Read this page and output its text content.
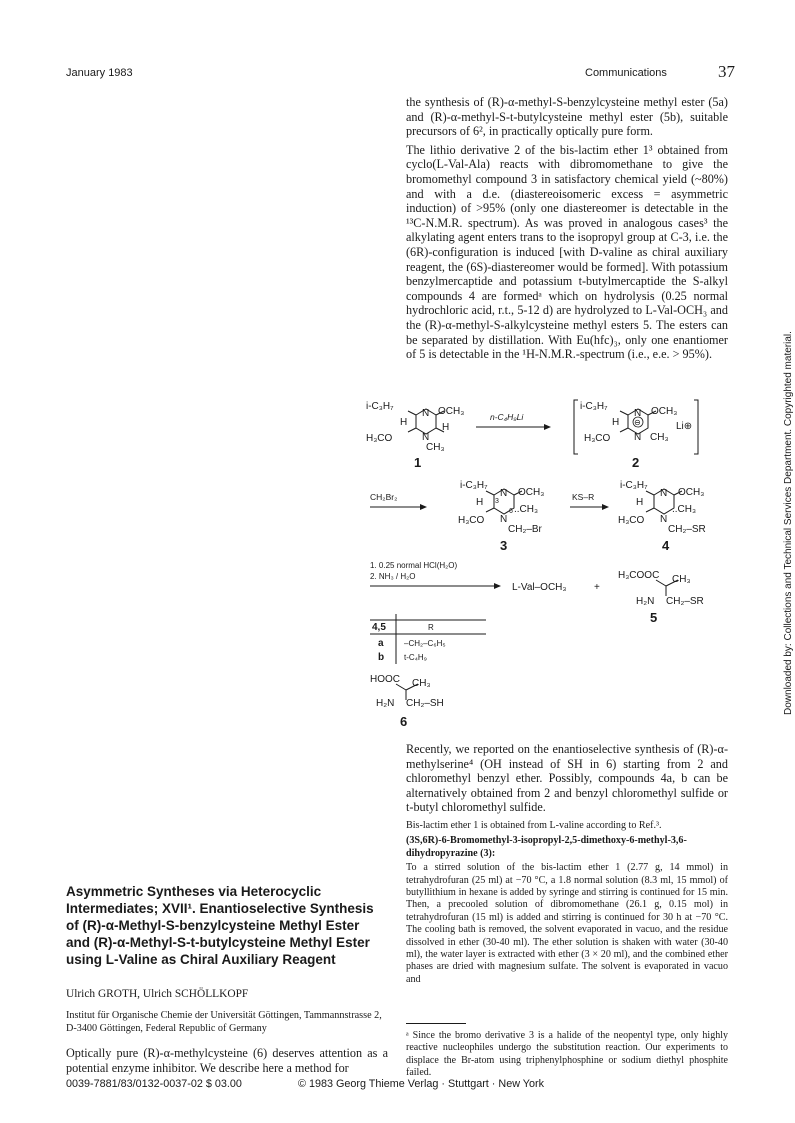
January 1983	Communications	37
Downloaded by: Collections and Technical Services Department. Copyrighted material.

the synthesis of (R)-α-methyl-S-benzylcysteine methyl ester (5a) and (R)-α-methyl-S-t-butylcysteine methyl ester (5b), suitable precursors of 6², in practically optically pure form.

The lithio derivative 2 of the bis-lactim ether 1³ obtained from cyclo(L-Val-Ala) reacts with dibromomethane to give the bromomethyl compound 3 in satisfactory chemical yield (~80%) and with a d.e. (diastereoisomeric excess = asymmetric induction) of >95% (only one diastereomer is detectable in the ¹³C-N.M.R. spectrum). As was proved in analogous cases³ the alkylating agent enters trans to the isopropyl group at C-3, i.e. the (6R)-configuration is induced [with D-valine as chiral auxiliary reagent, the (6S)-diastereomer would be formed]. With potassium benzylmercaptide and potassium t-butylmercaptide the S-alkyl compounds 4 are formedᵃ which on hydrolysis (0.25 normal hydrochloric acid, r.t., 5-12 d) are hydrolyzed to L-Val-OCH₃ and the (R)-α-methyl-S-alkylcysteine methyl esters 5. The esters can be separated by distillation. With Eu(hfc)₃, only one enantiomer of 5 is detectable in the ¹H-N.M.R.-spectrum (i.e., e.e. > 95%).

i-C₃H₇
N OCH₃
H	H
H₃CO	N
CH₃
1
n-C₄H₉Li
i-C₃H₇
N OCH₃
H ⊖	Li⊕
H₃CO N CH₃
2
CH₂Br₂
i-C₃H₇
N OCH₃
H 3
6 ..CH₃
H₃CO N
CH₂–Br
3
KS–R
i-C₃H₇
N OCH₃
H
..CH₃
H₃CO N
CH₂–SR
4
1. 0.25 normal HCl(H₂O)
2. NH₃ / H₂O
L-Val–OCH₃	+
H₃COOC CH₃
H₂N CH₂–SR
5
4,5	R
a	–CH₂–C₆H₅
b t-C₄H₉
HOOC CH₃
H₂N CH₂–SH
6

Recently, we reported on the enantioselective synthesis of (R)-α-methylserine⁴ (OH instead of SH in 6) starting from 2 and chloromethyl benzyl ether. Possibly, compounds 4a, b can be alternatively obtained from 2 and benzyl chloromethyl sulfide or t-butyl chloromethyl sulfide.

Bis-lactim ether 1 is obtained from L-valine according to Ref.³.

(3S,6R)-6-Bromomethyl-3-isopropyl-2,5-dimethoxy-6-methyl-3,6-dihydropyrazine (3):

To a stirred solution of the bis-lactim ether 1 (2.77 g, 14 mmol) in tetrahydrofuran (25 ml) at −70 °C, a 1.8 normal solution (8.3 ml, 15 mmol) of butyllithium in hexane is added by syringe and stirring is continued for 15 min. Then, a precooled solution of dibromomethane (26.1 g, 0.15 mol) in tetrahydrofuran (15 ml) is added and stirring is continued for 30 h at −70 °C. The cooling bath is removed, the solvent evaporated in vacuo, and the residue dissolved in ether (30-40 ml). The ether solution is shaken with water (30-40 ml), the water layer is extracted with ether (3 × 20 ml), and the combined ether phases are dried with magnesium sulfate. The solvent is evaporated in vacuo and

ᵃ Since the bromo derivative 3 is a halide of the neopentyl type, only highly reactive nucleophiles undergo the substitution reaction. Our experiments to displace the Br-atom using triphenylphosphine or sodium diethyl phosphite failed.
Asymmetric Syntheses via Heterocyclic Intermediates; XVII¹. Enantioselective Synthesis of (R)-α-Methyl-S-benzylcysteine Methyl Ester and (R)-α-Methyl-S-t-butylcysteine Methyl Ester using L-Valine as Chiral Auxiliary Reagent
Ulrich GROTH, Ulrich SCHÖLLKOPF
Institut für Organische Chemie der Universität Göttingen, Tammannstrasse 2, D-3400 Göttingen, Federal Republic of Germany
Optically pure (R)-α-methylcysteine (6) deserves attention as a potential enzyme inhibitor. We describe here a method for
0039-7881/83/0132-0037-02 $ 03.00	© 1983 Georg Thieme Verlag · Stuttgart · New York
